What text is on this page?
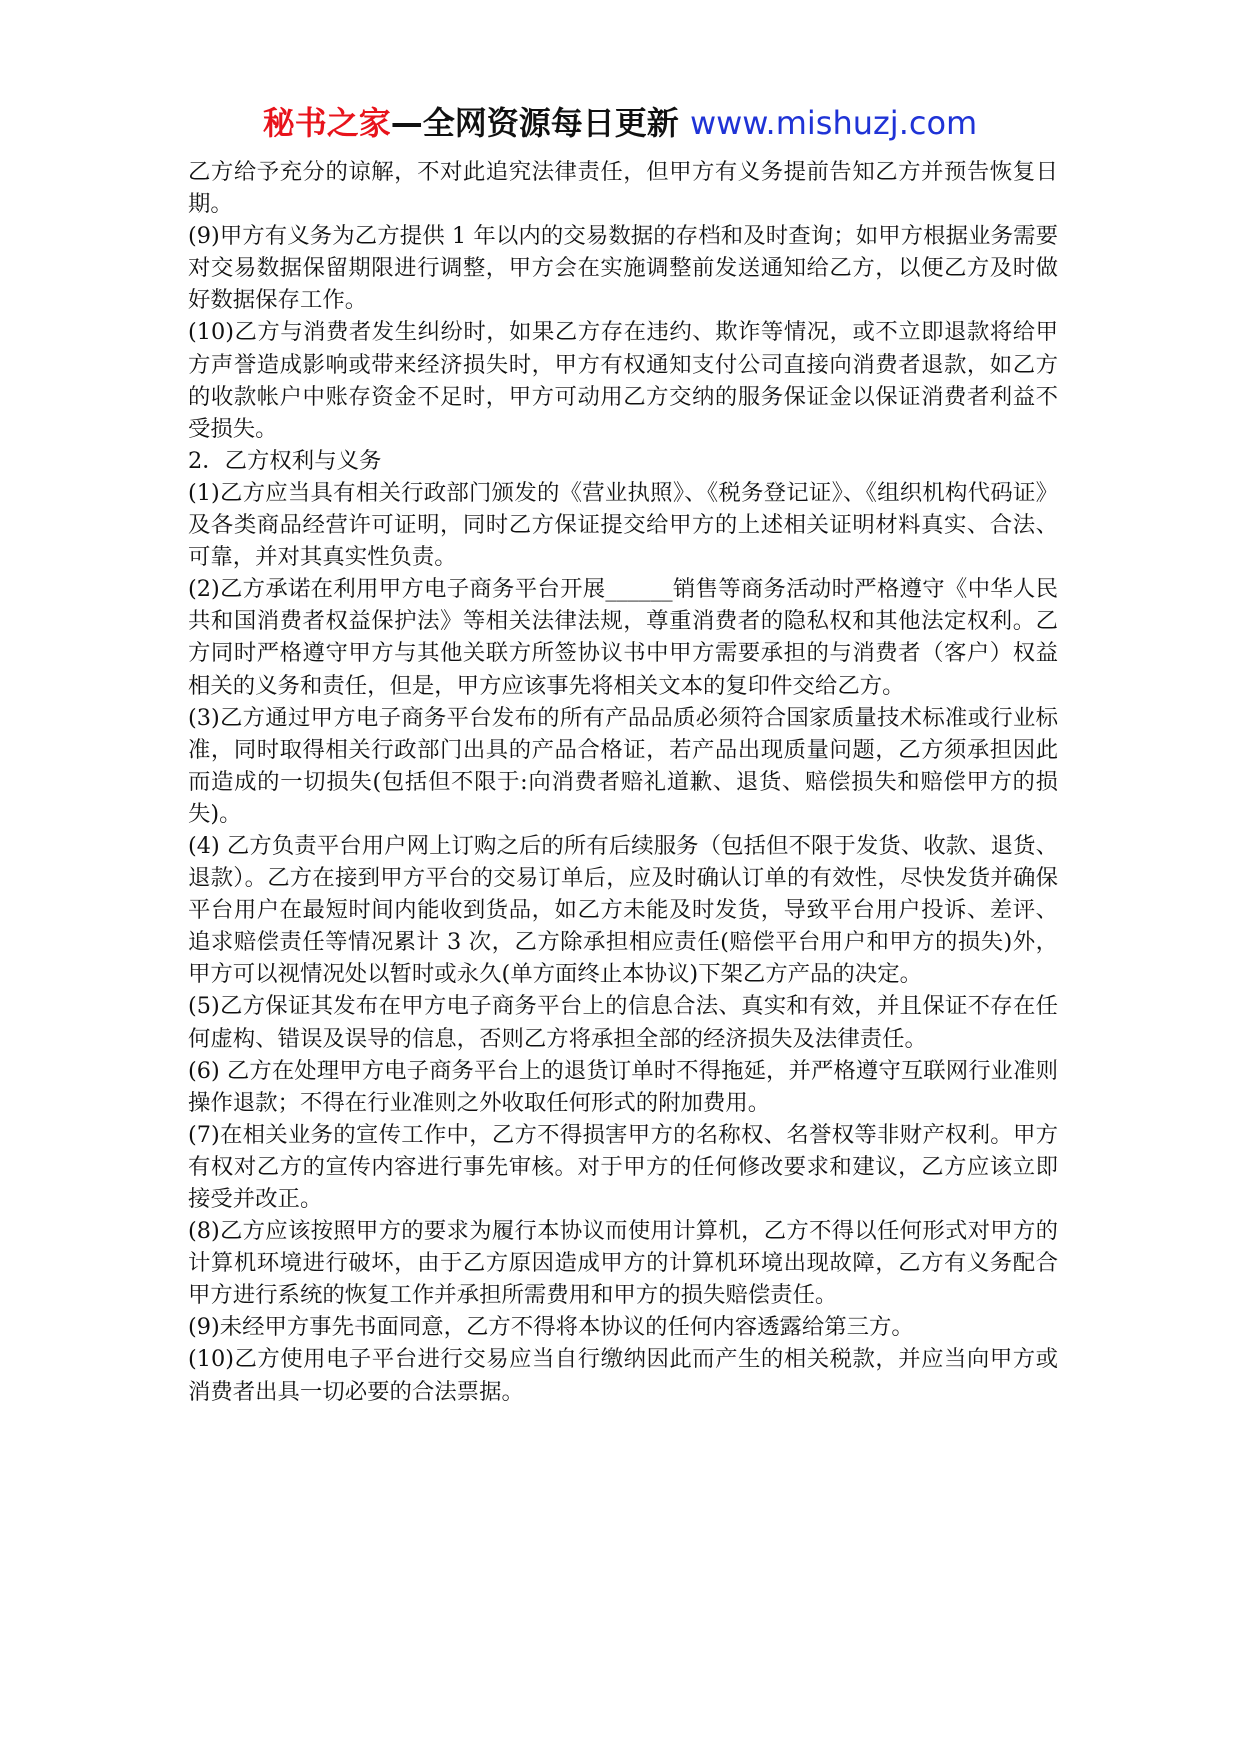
秘书之家—全网资源每日更新 www.mishuzj.com

乙方给予充分的谅解，不对此追究法律责任，但甲方有义务提前告知乙方并预告恢复日期。

(9)甲方有义务为乙方提供 1 年以内的交易数据的存档和及时查询；如甲方根据业务需要对交易数据保留期限进行调整，甲方会在实施调整前发送通知给乙方，以便乙方及时做好数据保存工作。

(10)乙方与消费者发生纠纷时，如果乙方存在违约、欺诈等情况，或不立即退款将给甲方声誉造成影响或带来经济损失时，甲方有权通知支付公司直接向消费者退款，如乙方的收款帐户中账存资金不足时，甲方可动用乙方交纳的服务保证金以保证消费者利益不受损失。

2．乙方权利与义务

(1)乙方应当具有相关行政部门颁发的《营业执照》、《税务登记证》、《组织机构代码证》及各类商品经营许可证明，同时乙方保证提交给甲方的上述相关证明材料真实、合法、可靠，并对其真实性负责。

(2)乙方承诺在利用甲方电子商务平台开展______销售等商务活动时严格遵守《中华人民共和国消费者权益保护法》等相关法律法规，尊重消费者的隐私权和其他法定权利。乙方同时严格遵守甲方与其他关联方所签协议书中甲方需要承担的与消费者（客户）权益相关的义务和责任，但是，甲方应该事先将相关文本的复印件交给乙方。

(3)乙方通过甲方电子商务平台发布的所有产品品质必须符合国家质量技术标准或行业标准，同时取得相关行政部门出具的产品合格证，若产品出现质量问题，乙方须承担因此而造成的一切损失(包括但不限于:向消费者赔礼道歉、退货、赔偿损失和赔偿甲方的损失)。

(4) 乙方负责平台用户网上订购之后的所有后续服务（包括但不限于发货、收款、退货、退款）。乙方在接到甲方平台的交易订单后，应及时确认订单的有效性，尽快发货并确保平台用户在最短时间内能收到货品，如乙方未能及时发货，导致平台用户投诉、差评、追求赔偿责任等情况累计 3 次，乙方除承担相应责任(赔偿平台用户和甲方的损失)外，甲方可以视情况处以暂时或永久(单方面终止本协议)下架乙方产品的决定。

(5)乙方保证其发布在甲方电子商务平台上的信息合法、真实和有效，并且保证不存在任何虚构、错误及误导的信息，否则乙方将承担全部的经济损失及法律责任。

(6) 乙方在处理甲方电子商务平台上的退货订单时不得拖延，并严格遵守互联网行业准则操作退款；不得在行业准则之外收取任何形式的附加费用。

(7)在相关业务的宣传工作中，乙方不得损害甲方的名称权、名誉权等非财产权利。甲方有权对乙方的宣传内容进行事先审核。对于甲方的任何修改要求和建议，乙方应该立即接受并改正。

(8)乙方应该按照甲方的要求为履行本协议而使用计算机，乙方不得以任何形式对甲方的计算机环境进行破坏，由于乙方原因造成甲方的计算机环境出现故障，乙方有义务配合甲方进行系统的恢复工作并承担所需费用和甲方的损失赔偿责任。

(9)未经甲方事先书面同意，乙方不得将本协议的任何内容透露给第三方。

(10)乙方使用电子平台进行交易应当自行缴纳因此而产生的相关税款，并应当向甲方或消费者出具一切必要的合法票据。
